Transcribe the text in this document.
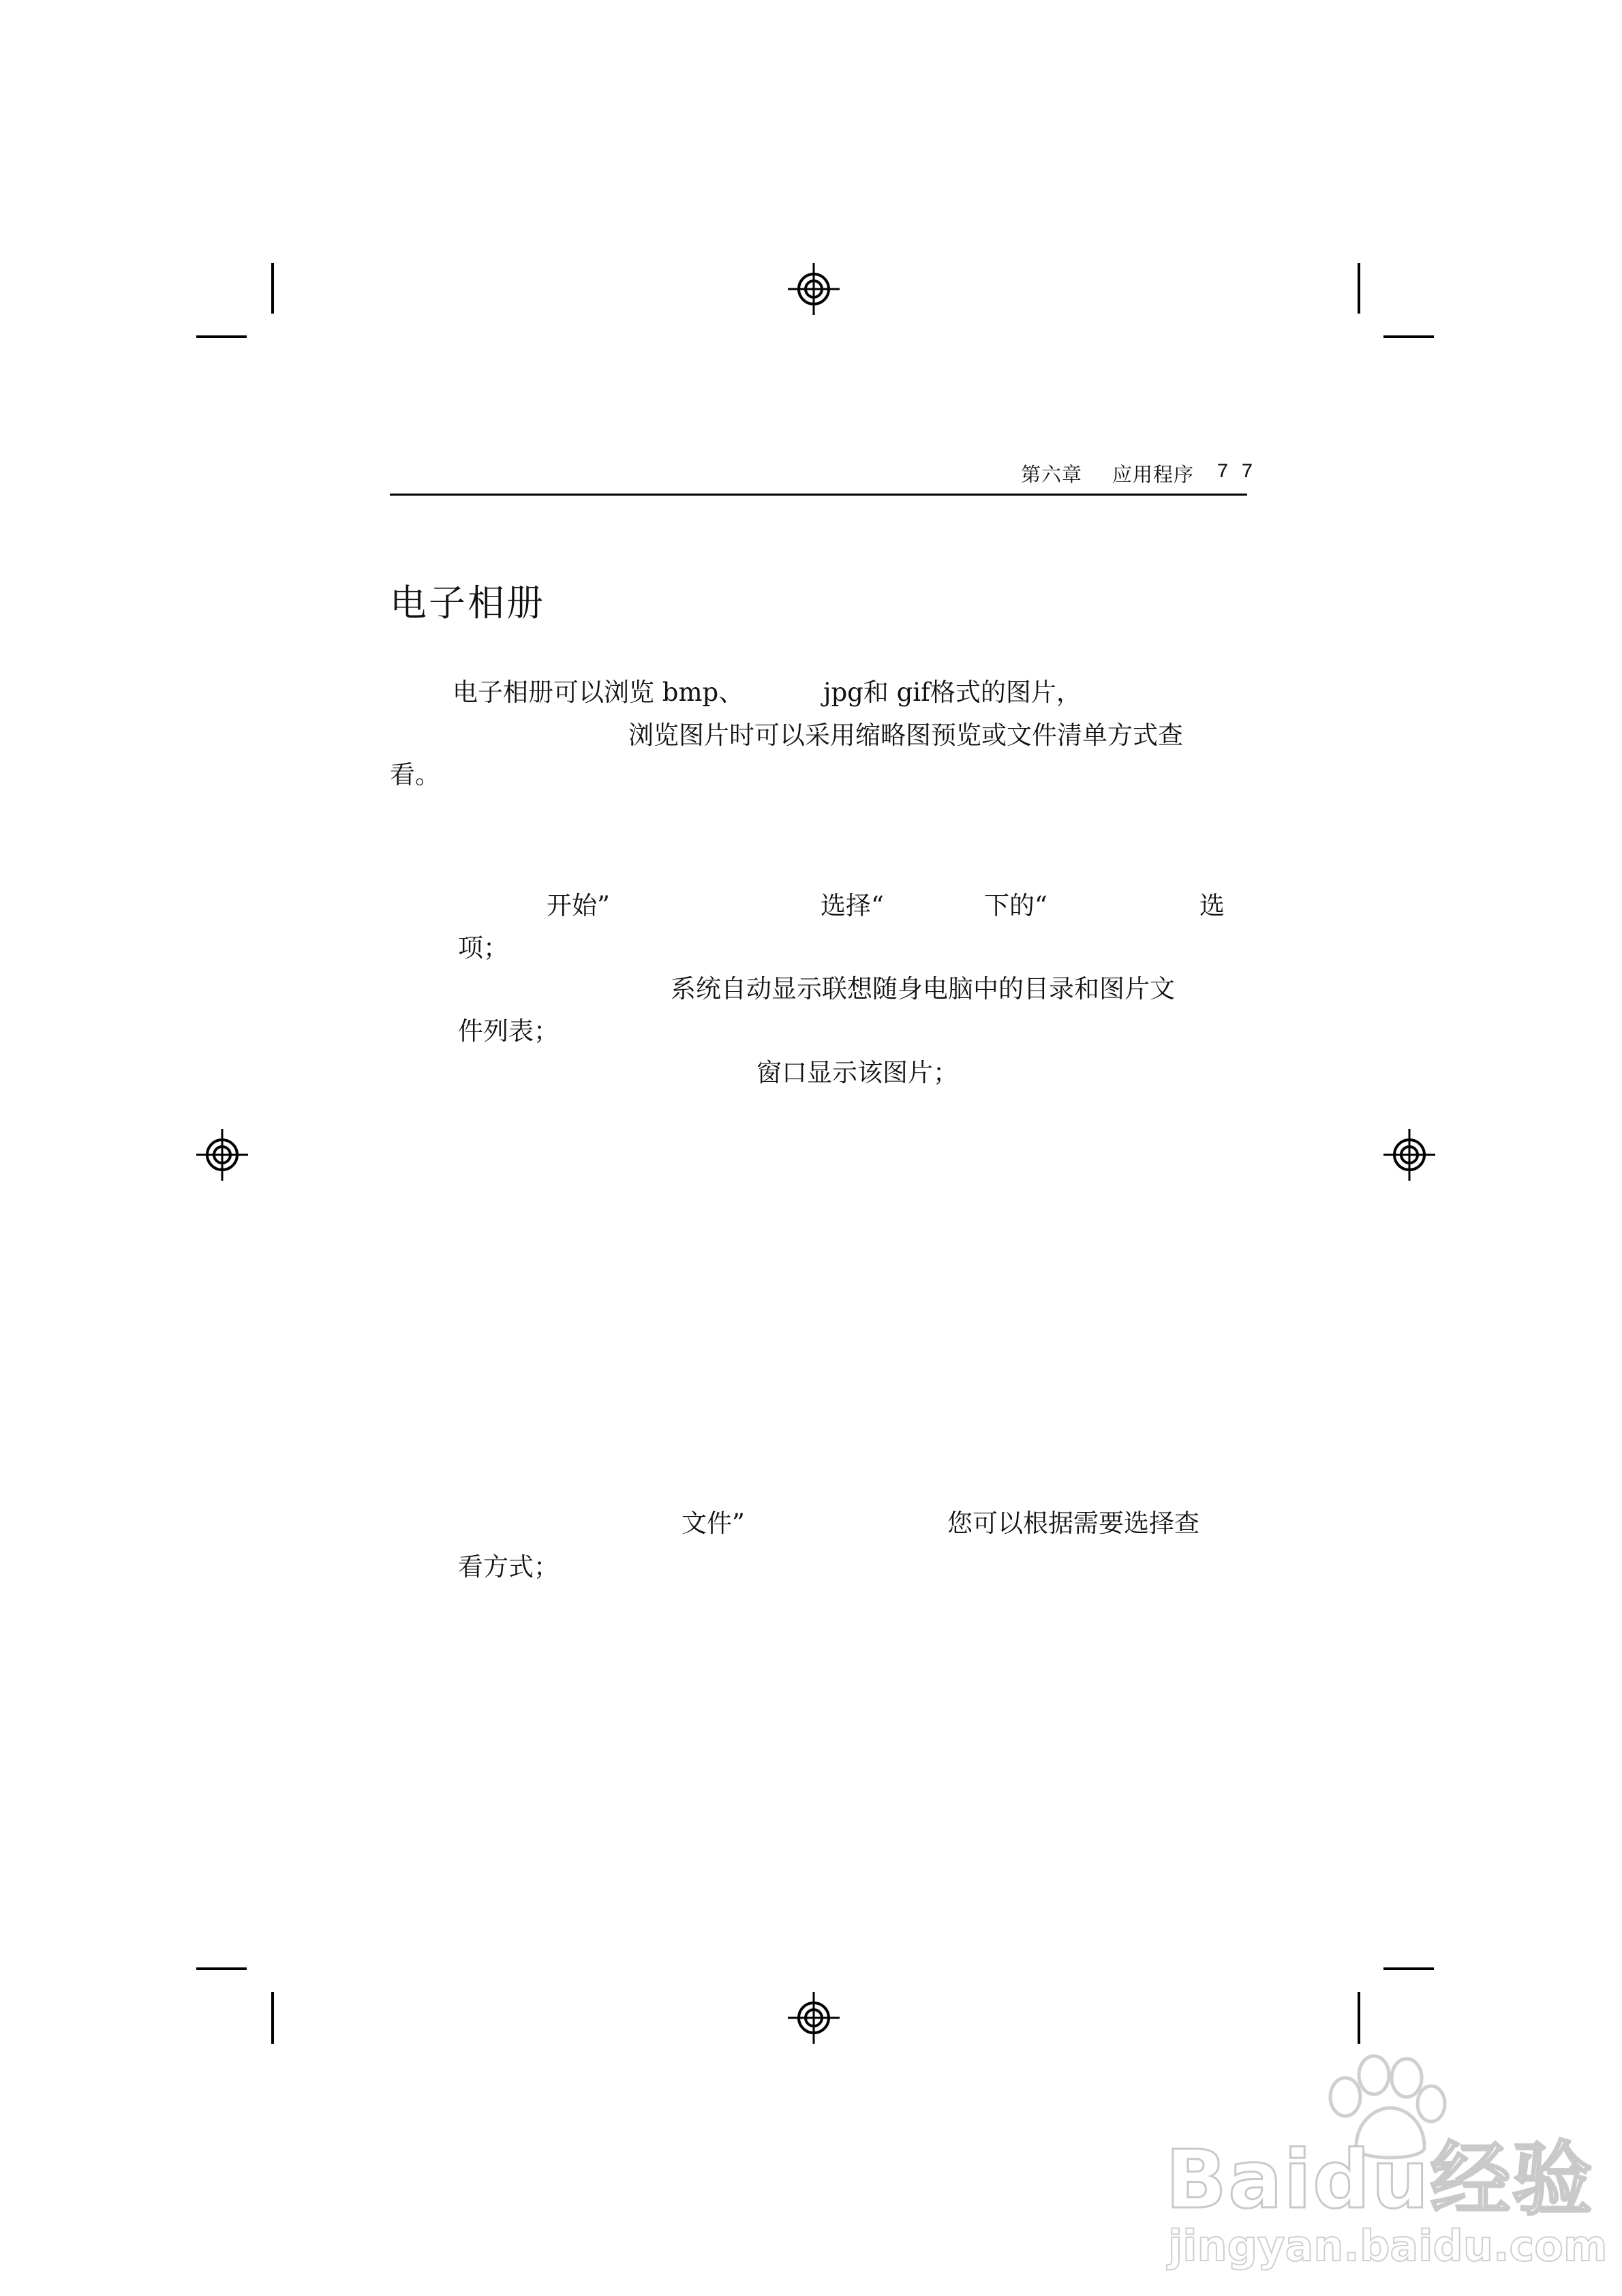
第六章 应用程序 77
电子相册
电子相册可以浏览 bmp、	jpg和 gif格式的图片，
浏览图片时可以采用缩略图预览或文件清单方式查
看。
开始”	选择“	下的“	选
项；
系统自动显示联想随身电脑中的目录和图片文
件列表；
窗口显示该图片；
文件”	您可以根据需要选择查
看方式；
Baidu经验
jingyan.baidu.com
